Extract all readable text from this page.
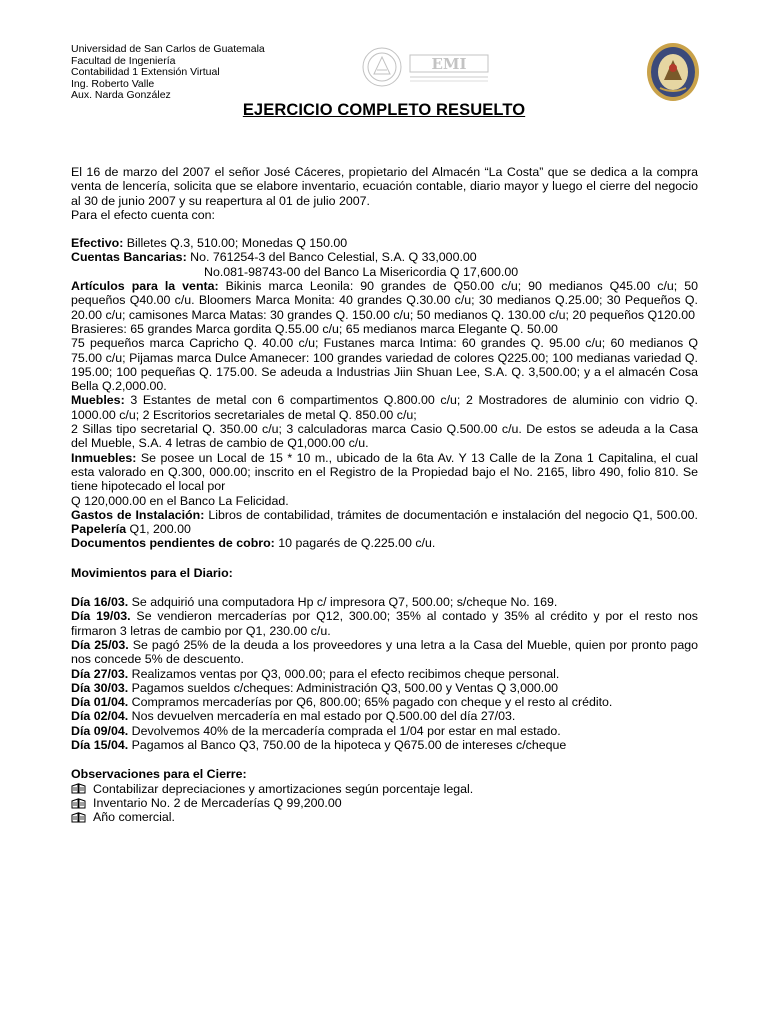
Universidad de San Carlos de Guatemala
Facultad de Ingeniería
Contabilidad 1 Extensión Virtual
Ing. Roberto Valle
Aux. Narda González
EMI
EJERCICIO COMPLETO RESUELTO

El 16 de marzo del 2007 el señor José Cáceres, propietario del Almacén “La Costa” que se dedica a la compra venta de lencería, solicita que se elabore inventario, ecuación contable, diario mayor y luego el cierre del negocio al 30 de junio 2007 y su reapertura al 01 de julio 2007.

Para el efecto cuenta con:

Efectivo: Billetes Q.3, 510.00; Monedas Q 150.00

Cuentas Bancarias: No. 761254-3 del Banco Celestial, S.A. Q 33,000.00

No.081-98743-00 del Banco La Misericordia Q 17,600.00

Artículos para la venta: Bikinis marca Leonila: 90 grandes de Q50.00 c/u; 90 medianos Q45.00 c/u; 50 pequeños Q40.00 c/u. Bloomers Marca Monita: 40 grandes Q.30.00 c/u; 30 medianos Q.25.00; 30 Pequeños Q. 20.00 c/u; camisones Marca Matas: 30 grandes Q. 150.00 c/u; 50 medianos Q. 130.00 c/u; 20 pequeños Q120.00

Brasieres: 65 grandes Marca gordita Q.55.00 c/u; 65 medianos marca Elegante Q. 50.00

75 pequeños marca Capricho Q. 40.00 c/u; Fustanes marca Intima: 60 grandes Q. 95.00 c/u; 60 medianos Q 75.00 c/u; Pijamas marca Dulce Amanecer: 100 grandes variedad de colores Q225.00; 100 medianas variedad Q. 195.00; 100 pequeñas Q. 175.00. Se adeuda a Industrias Jiin Shuan Lee, S.A. Q. 3,500.00; y a el almacén Cosa Bella Q.2,000.00.

Muebles: 3 Estantes de metal con 6 compartimentos Q.800.00 c/u; 2 Mostradores de aluminio con vidrio Q. 1000.00 c/u; 2 Escritorios secretariales de metal Q. 850.00 c/u;

2 Sillas tipo secretarial Q. 350.00 c/u; 3 calculadoras marca Casio Q.500.00 c/u. De estos se adeuda a la Casa del Mueble, S.A. 4 letras de cambio de Q1,000.00 c/u.

Inmuebles: Se posee un Local de 15 * 10 m., ubicado de la 6ta Av. Y 13 Calle de la Zona 1 Capitalina, el cual esta valorado en Q.300, 000.00; inscrito en el Registro de la Propiedad bajo el No. 2165, libro 490, folio 810. Se tiene hipotecado el local por

Q 120,000.00 en el Banco La Felicidad.

Gastos de Instalación: Libros de contabilidad, trámites de documentación e instalación del negocio Q1, 500.00. Papelería Q1, 200.00

Documentos pendientes de cobro: 10 pagarés de Q.225.00 c/u.

Movimientos para el Diario:

Día 16/03. Se adquirió una computadora Hp c/ impresora Q7, 500.00; s/cheque No. 169.

Día 19/03. Se vendieron mercaderías por Q12, 300.00; 35% al contado y 35% al crédito y por el resto nos firmaron 3 letras de cambio por Q1, 230.00 c/u.

Día 25/03. Se pagó 25% de la deuda a los proveedores y una letra a la Casa del Mueble, quien por pronto pago nos concede 5% de descuento.

Día 27/03. Realizamos ventas por Q3, 000.00; para el efecto recibimos cheque personal.

Día 30/03. Pagamos sueldos c/cheques: Administración Q3, 500.00 y Ventas Q 3,000.00

Día 01/04. Compramos mercaderías por Q6, 800.00; 65% pagado con cheque y el resto al crédito.

Día 02/04. Nos devuelven mercadería en mal estado por Q.500.00 del día 27/03.

Día 09/04. Devolvemos 40% de la mercadería comprada el 1/04 por estar en mal estado.

Día 15/04. Pagamos al Banco Q3, 750.00 de la hipoteca y Q675.00 de intereses c/cheque

Observaciones para el Cierre:

Contabilizar depreciaciones y amortizaciones según porcentaje legal.
Inventario No. 2 de Mercaderías Q 99,200.00
Año comercial.
